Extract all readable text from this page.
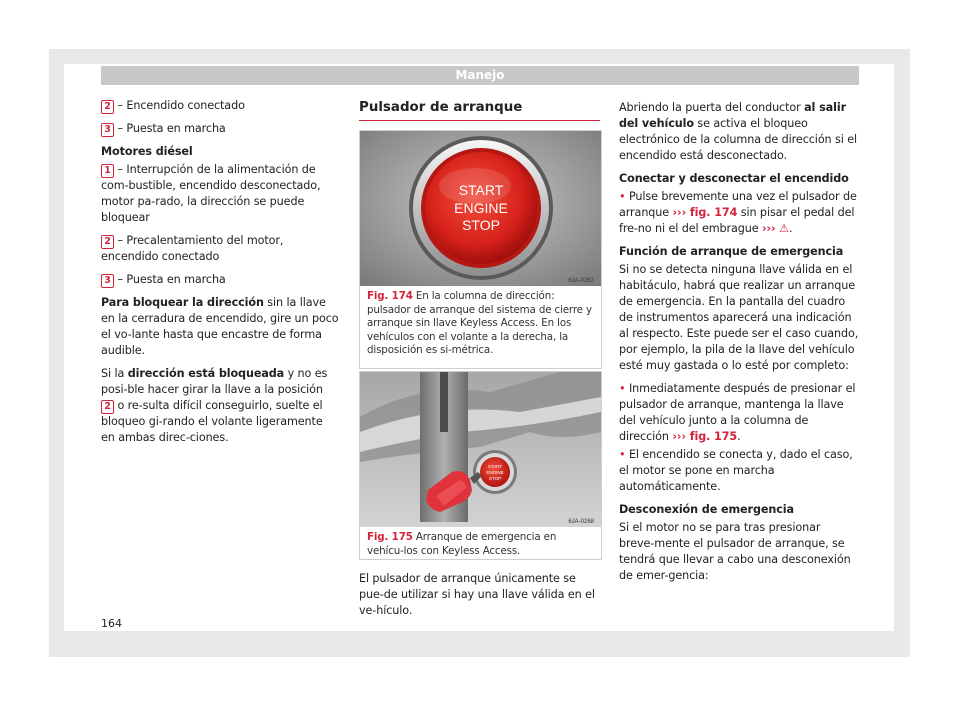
Manejo

2 – Encendido conectado

3 – Puesta en marcha

Motores diésel

1 – Interrupción de la alimentación de com-bustible, encendido desconectado, motor pa-rado, la dirección se puede bloquear

2 – Precalentamiento del motor, encendido conectado

3 – Puesta en marcha

Para bloquear la dirección sin la llave en la cerradura de encendido, gire un poco el vo-lante hasta que encastre de forma audible.

Si la dirección está bloqueada y no es posi-ble hacer girar la llave a la posición 2 o re-sulta difícil conseguirlo, suelte el bloqueo gi-rando el volante ligeramente en ambas direc-ciones.

Pulsador de arranque
START
ENGINE
STOP
6JA-0267
Fig. 174 En la columna de dirección: pulsador de arranque del sistema de cierre y arranque sin llave Keyless Access. En los vehículos con el volante a la derecha, la disposición es si-métrica.
START
ENGINE
STOP
6JA-0268
Fig. 175 Arranque de emergencia en vehícu-los con Keyless Access.
El pulsador de arranque únicamente se pue-de utilizar si hay una llave válida en el ve-hículo.

Abriendo la puerta del conductor al salir del vehículo se activa el bloqueo electrónico de la columna de dirección si el encendido está desconectado.

Conectar y desconectar el encendido

• Pulse brevemente una vez el pulsador de arranque ››› fig. 174 sin pisar el pedal del fre-no ni el del embrague ››› ⚠.

Función de arranque de emergencia

Si no se detecta ninguna llave válida en el habitáculo, habrá que realizar un arranque de emergencia. En la pantalla del cuadro de instrumentos aparecerá una indicación al respecto. Este puede ser el caso cuando, por ejemplo, la pila de la llave del vehículo esté muy gastada o lo esté por completo:

• Inmediatamente después de presionar el pulsador de arranque, mantenga la llave del vehículo junto a la columna de dirección ››› fig. 175.

• El encendido se conecta y, dado el caso, el motor se pone en marcha automáticamente.

Desconexión de emergencia

Si el motor no se para tras presionar breve-mente el pulsador de arranque, se tendrá que llevar a cabo una desconexión de emer-gencia:

164
